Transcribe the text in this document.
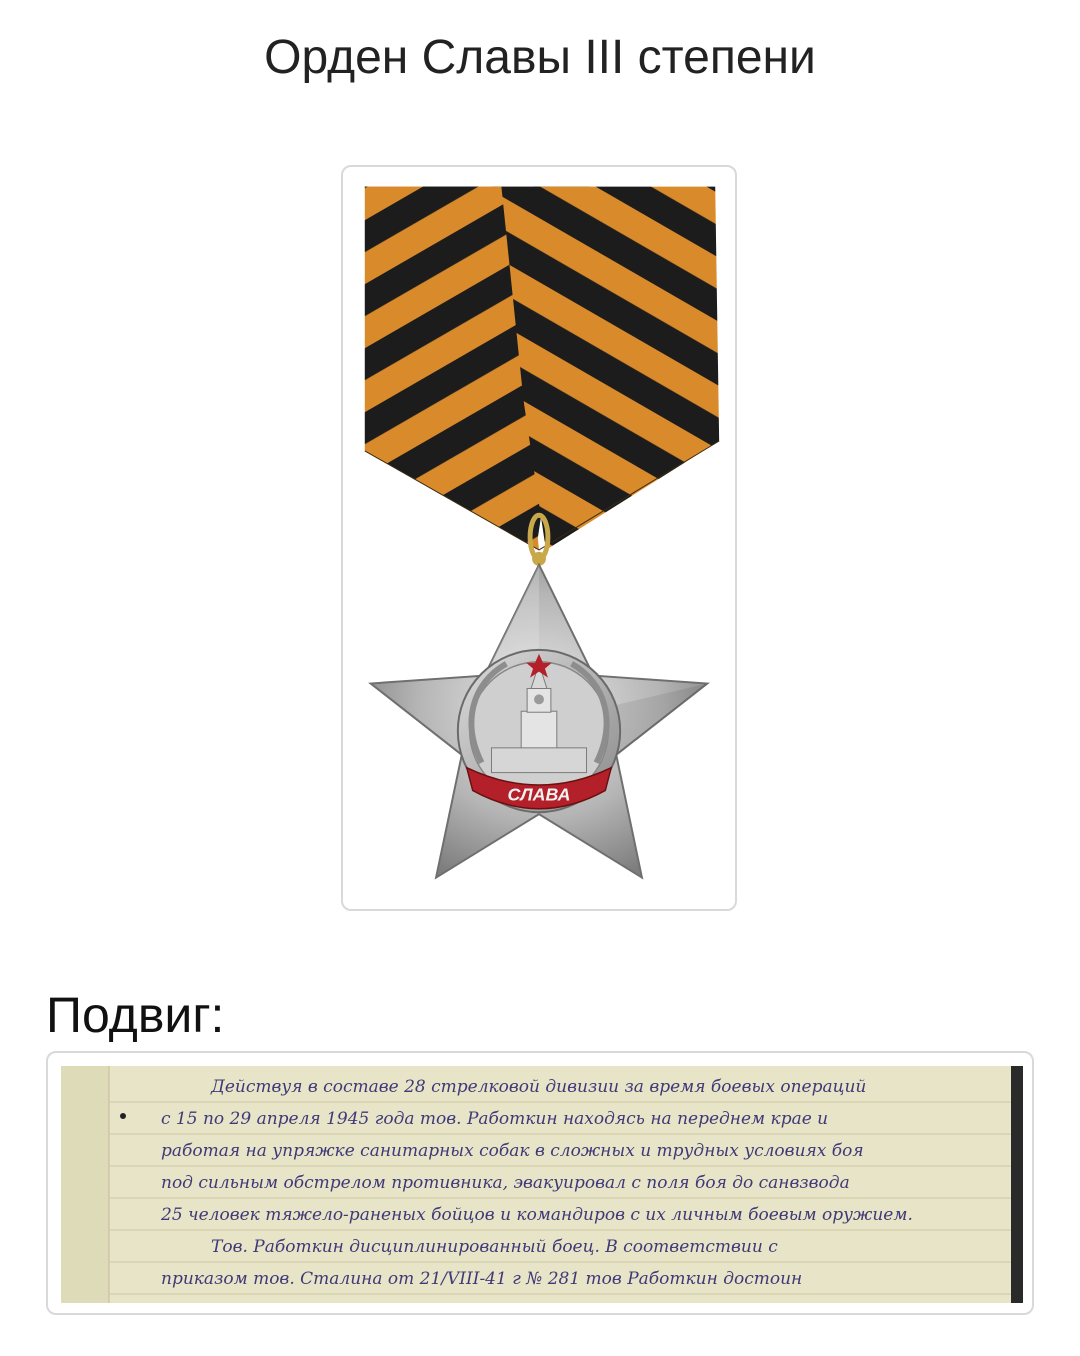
Орден Славы III степени
СЛАВА
Подвиг:
Действуя в составе 28 стрелковой дивизии за время боевых операций
с 15 по 29 апреля 1945 года тов. Работкин находясь на переднем крае и
работая на упряжке санитарных собак в сложных и трудных условиях боя
под сильным обстрелом противника, эвакуировал с поля боя до санвзвода
25 человек тяжело-раненых бойцов и командиров с их личным боевым оружием.
Тов. Работкин дисциплинированный боец. В соответствии с
приказом тов. Сталина от 21/VIII-41 г № 281 тов Работкин достоин
